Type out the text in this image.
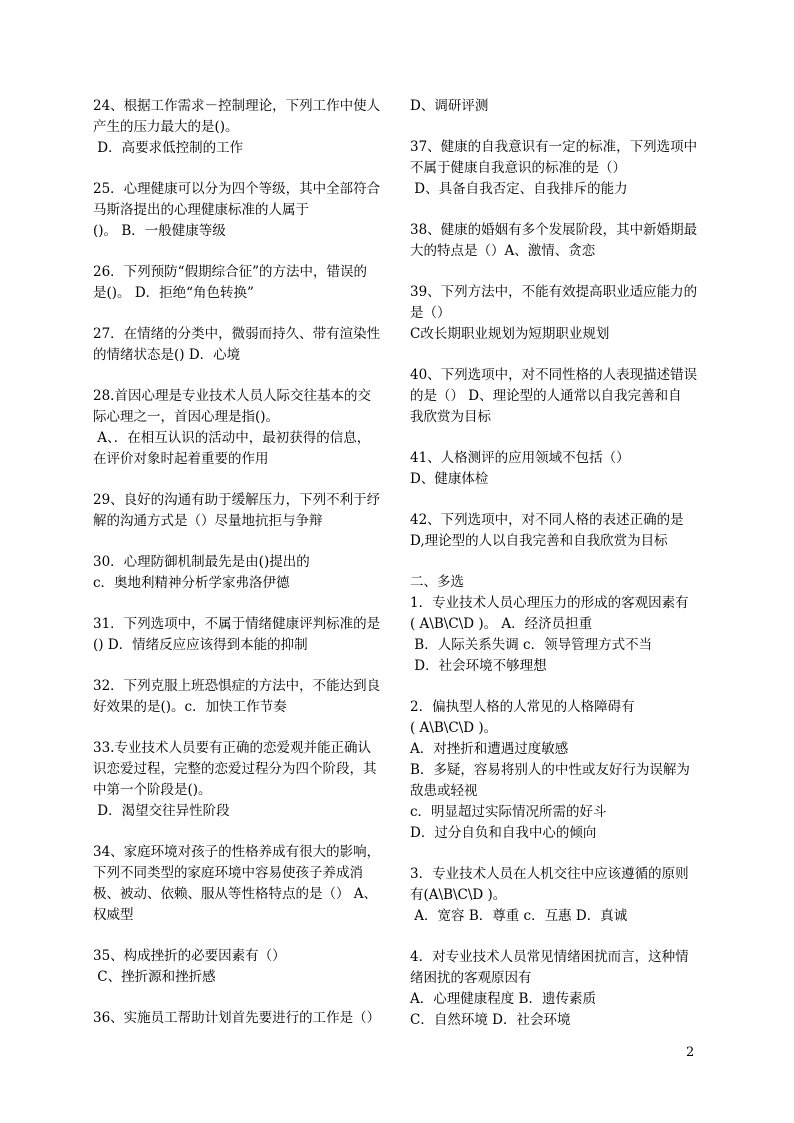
24、根据工作需求－控制理论，下列工作中使人

产生的压力最大的是()。

D．高要求低控制的工作

25．心理健康可以分为四个等级，其中全部符合

马斯洛提出的心理健康标准的人属于

()。 B．一般健康等级

26．下列预防“假期综合征”的方法中，错误的

是()。 D．拒绝“角色转换”

27．在情绪的分类中，微弱而持久、带有渲染性

的情绪状态是() D．心境

28.首因心理是专业技术人员人际交往基本的交

际心理之一，首因心理是指()。

A、．在相互认识的活动中，最初获得的信息，

在评价对象时起着重要的作用

29、良好的沟通有助于缓解压力，下列不利于纾

解的沟通方式是（）尽量地抗拒与争辩

30．心理防御机制最先是由()提出的

c．奥地利精神分析学家弗洛伊德

31．下列选项中，不属于情绪健康评判标准的是

() D．情绪反应应该得到本能的抑制

32．下列克服上班恐惧症的方法中，不能达到良

好效果的是()。c．加快工作节奏

33.专业技术人员要有正确的恋爱观并能正确认

识恋爱过程，完整的恋爱过程分为四个阶段，其

中第一个阶段是()。

D．渴望交往异性阶段

34、家庭环境对孩子的性格养成有很大的影响，

下列不同类型的家庭环境中容易使孩子养成消

极、被动、依赖、服从等性格特点的是（） A、

权威型

35、构成挫折的必要因素有（）

C、挫折源和挫折感

36、实施员工帮助计划首先要进行的工作是（）

D、调研评测

37、健康的自我意识有一定的标准，下列选项中

不属于健康自我意识的标准的是（）

D、具备自我否定、自我排斥的能力

38、健康的婚姻有多个发展阶段，其中新婚期最

大的特点是（）A、激情、贪恋

39、下列方法中，不能有效提高职业适应能力的

是（）

C改长期职业规划为短期职业规划

40、下列选项中，对不同性格的人表现描述错误

的是（） D、理论型的人通常以自我完善和自

我欣赏为目标

41、人格测评的应用领域不包括（）

D、健康体检

42、下列选项中，对不同人格的表述正确的是

D,理论型的人以自我完善和自我欣赏为目标

二、多选

1．专业技术人员心理压力的形成的客观因素有

( A\B\C\D )。 A．经济员担重

B．人际关系失调 c．领导管理方式不当

D．社会环境不够理想

2．偏执型人格的人常见的人格障碍有

( A\B\C\D )。

A．对挫折和遭遇过度敏感

B．多疑，容易将别人的中性或友好行为误解为

敌患或轻视

c．明显超过实际情况所需的好斗

D．过分自负和自我中心的倾向

3．专业技术人员在人机交往中应该遵循的原则

有(A\B\C\D )。

A．宽容 B．尊重 c．互惠 D．真诚

4．对专业技术人员常见情绪困扰而言，这种情

绪困扰的客观原因有

A．心理健康程度 B．遗传素质

C．自然环境 D．社会环境

2
